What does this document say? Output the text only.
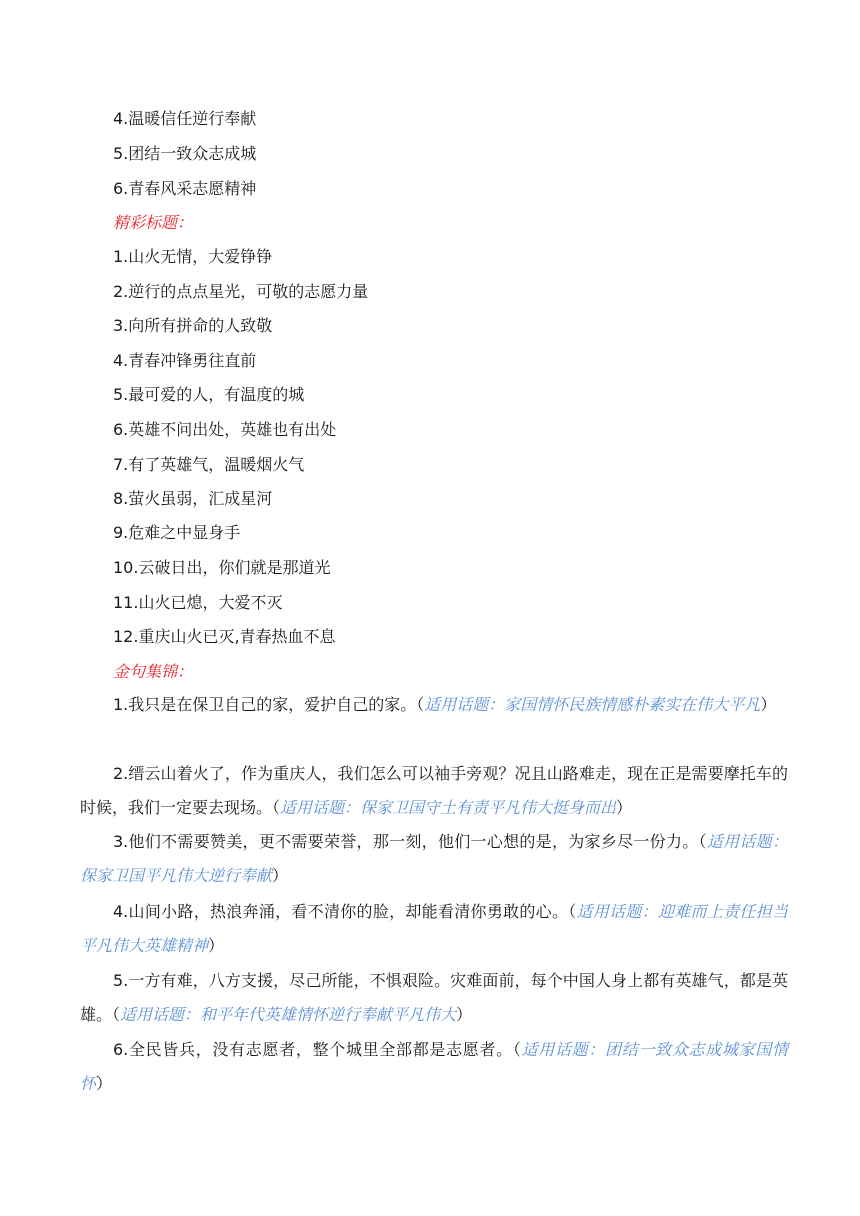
4.温暖信任逆行奉献
5.团结一致众志成城
6.青春风采志愿精神
精彩标题：
1.山火无情，大爱铮铮
2.逆行的点点星光，可敬的志愿力量
3.向所有拼命的人致敬
4.青春冲锋勇往直前
5.最可爱的人，有温度的城
6.英雄不问出处，英雄也有出处
7.有了英雄气，温暖烟火气
8.萤火虽弱，汇成星河
9.危难之中显身手
10.云破日出，你们就是那道光
11.山火已熄，大爱不灭
12.重庆山火已灭,青春热血不息
金句集锦：
1.我只是在保卫自己的家，爱护自己的家。（适用话题：家国情怀民族情感朴素实在伟大平凡）
2.缙云山着火了，作为重庆人，我们怎么可以袖手旁观？况且山路难走，现在正是需要摩托车的时候，我们一定要去现场。（适用话题：保家卫国守土有责平凡伟大挺身而出）
3.他们不需要赞美，更不需要荣誉，那一刻，他们一心想的是，为家乡尽一份力。（适用话题：保家卫国平凡伟大逆行奉献）
4.山间小路，热浪奔涌，看不清你的脸，却能看清你勇敢的心。（适用话题：迎难而上责任担当平凡伟大英雄精神）
5.一方有难，八方支援，尽己所能，不惧艰险。灾难面前，每个中国人身上都有英雄气，都是英雄。（适用话题：和平年代英雄情怀逆行奉献平凡伟大）
6.全民皆兵，没有志愿者，整个城里全部都是志愿者。（适用话题：团结一致众志成城家国情怀）
